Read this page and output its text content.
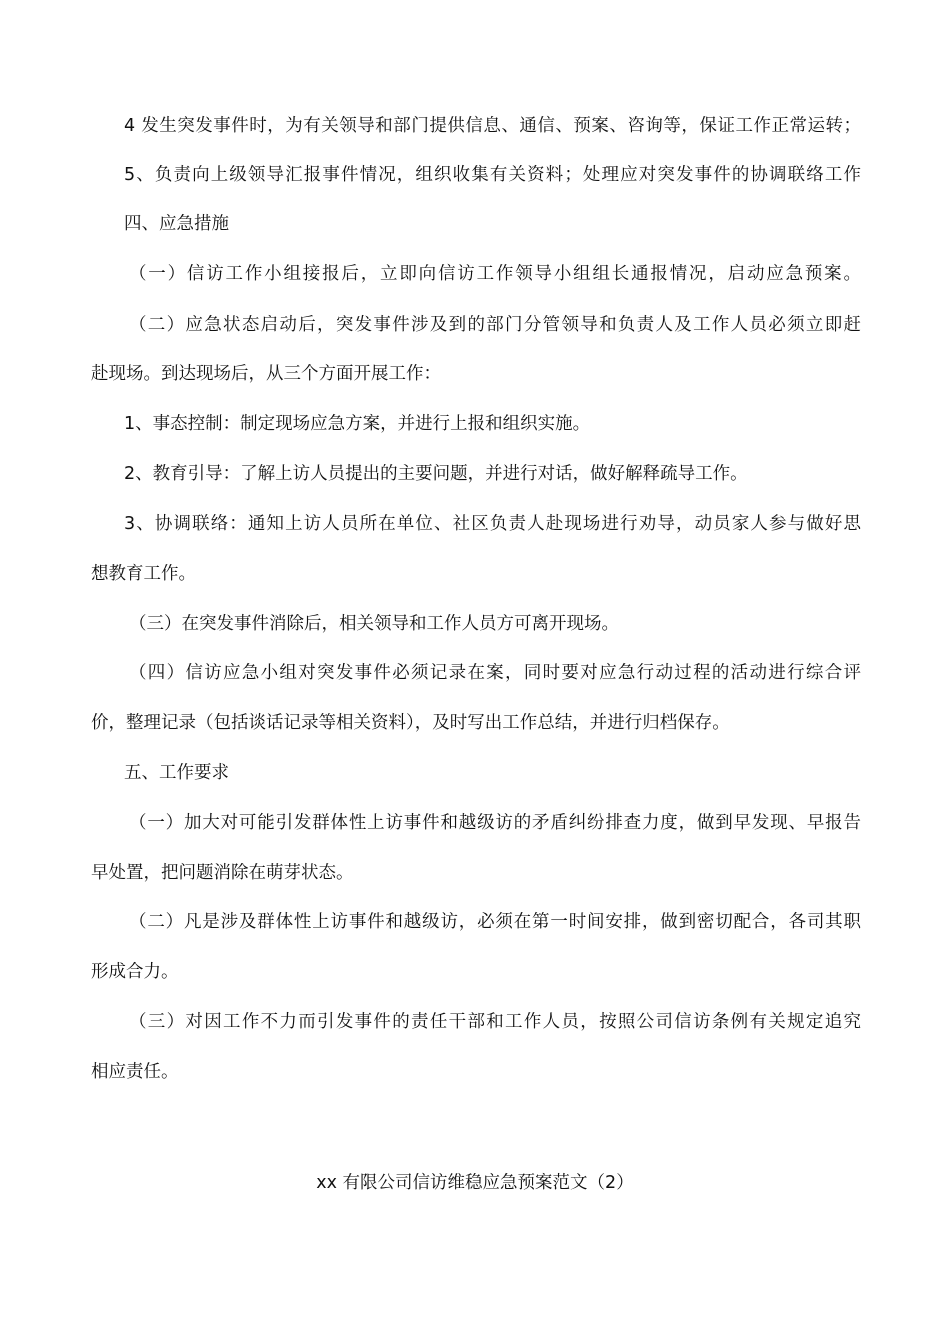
4 发生突发事件时，为有关领导和部门提供信息、通信、预案、咨询等，保证工作正常运转；
5、负责向上级领导汇报事件情况，组织收集有关资料；处理应对突发事件的协调联络工作
四、应急措施
（一）信访工作小组接报后，立即向信访工作领导小组组长通报情况，启动应急预案。
（二）应急状态启动后，突发事件涉及到的部门分管领导和负责人及工作人员必须立即赶
赴现场。到达现场后，从三个方面开展工作：
1、事态控制：制定现场应急方案，并进行上报和组织实施。
2、教育引导：了解上访人员提出的主要问题，并进行对话，做好解释疏导工作。
3、协调联络：通知上访人员所在单位、社区负责人赴现场进行劝导，动员家人参与做好思
想教育工作。
（三）在突发事件消除后，相关领导和工作人员方可离开现场。
（四）信访应急小组对突发事件必须记录在案，同时要对应急行动过程的活动进行综合评
价，整理记录（包括谈话记录等相关资料），及时写出工作总结，并进行归档保存。
五、工作要求
（一）加大对可能引发群体性上访事件和越级访的矛盾纠纷排查力度，做到早发现、早报告
早处置，把问题消除在萌芽状态。
（二）凡是涉及群体性上访事件和越级访，必须在第一时间安排，做到密切配合，各司其职
形成合力。
（三）对因工作不力而引发事件的责任干部和工作人员，按照公司信访条例有关规定追究
相应责任。
xx 有限公司信访维稳应急预案范文（2）
